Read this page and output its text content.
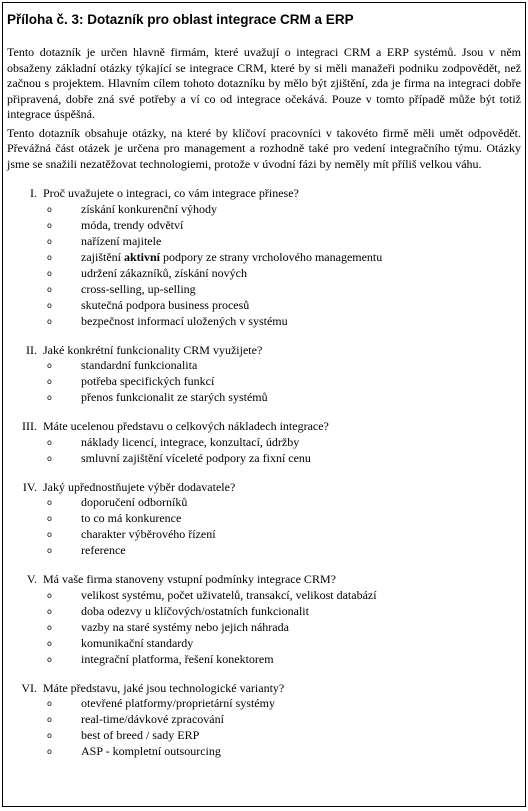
Příloha č. 3: Dotazník pro oblast integrace CRM a ERP

Tento dotazník je určen hlavně firmám, které uvažují o integraci CRM a ERP systémů. Jsou v něm obsaženy základní otázky týkající se integrace CRM, které by si měli manažeři podniku zodpovědět, než začnou s projektem. Hlavním cílem tohoto dotazníku by mělo být zjištění, zda je firma na integraci dobře připravená, dobře zná své potřeby a ví co od integrace očekává. Pouze v tomto případě může být totiž integrace úspěšná.

Tento dotazník obsahuje otázky, na které by klíčoví pracovníci v takovéto firmě měli umět odpovědět. Převážná část otázek je určena pro management a rozhodně také pro vedení integračního týmu. Otázky jsme se snažili nezatěžovat technologiemi, protože v úvodní fázi by neměly mít příliš velkou váhu.

I. Proč uvažujete o integraci, co vám integrace přinese?
o	získání konkurenční výhody
o	móda, trendy odvětví
o	nařízení majitele
o	zajištění aktivní podpory ze strany vrcholového managementu
o	udržení zákazníků, získání nových
o	cross-selling, up-selling
o	skutečná podpora business procesů
o	bezpečnost informací uložených v systému
II. Jaké konkrétní funkcionality CRM využijete?
o	standardní funkcionalita
o	potřeba specifických funkcí
o	přenos funkcionalit ze starých systémů
III. Máte ucelenou představu o celkových nákladech integrace?
o	náklady licencí, integrace, konzultací, údržby
o	smluvní zajištění víceleté podpory za fixní cenu
IV. Jaký upřednostňujete výběr dodavatele?
o	doporučení odborníků
o	to co má konkurence
o	charakter výběrového řízení
o	reference
V. Má vaše firma stanoveny vstupní podmínky integrace CRM?
o	velikost systému, počet uživatelů, transakcí, velikost databází
o	doba odezvy u klíčových/ostatních funkcionalit
o	vazby na staré systémy nebo jejich náhrada
o	komunikační standardy
o	integrační platforma, řešení konektorem
VI. Máte představu, jaké jsou technologické varianty?
o	otevřené platformy/proprietární systémy
o	real-time/dávkové zpracování
o	best of breed / sady ERP
o	ASP - kompletní outsourcing
